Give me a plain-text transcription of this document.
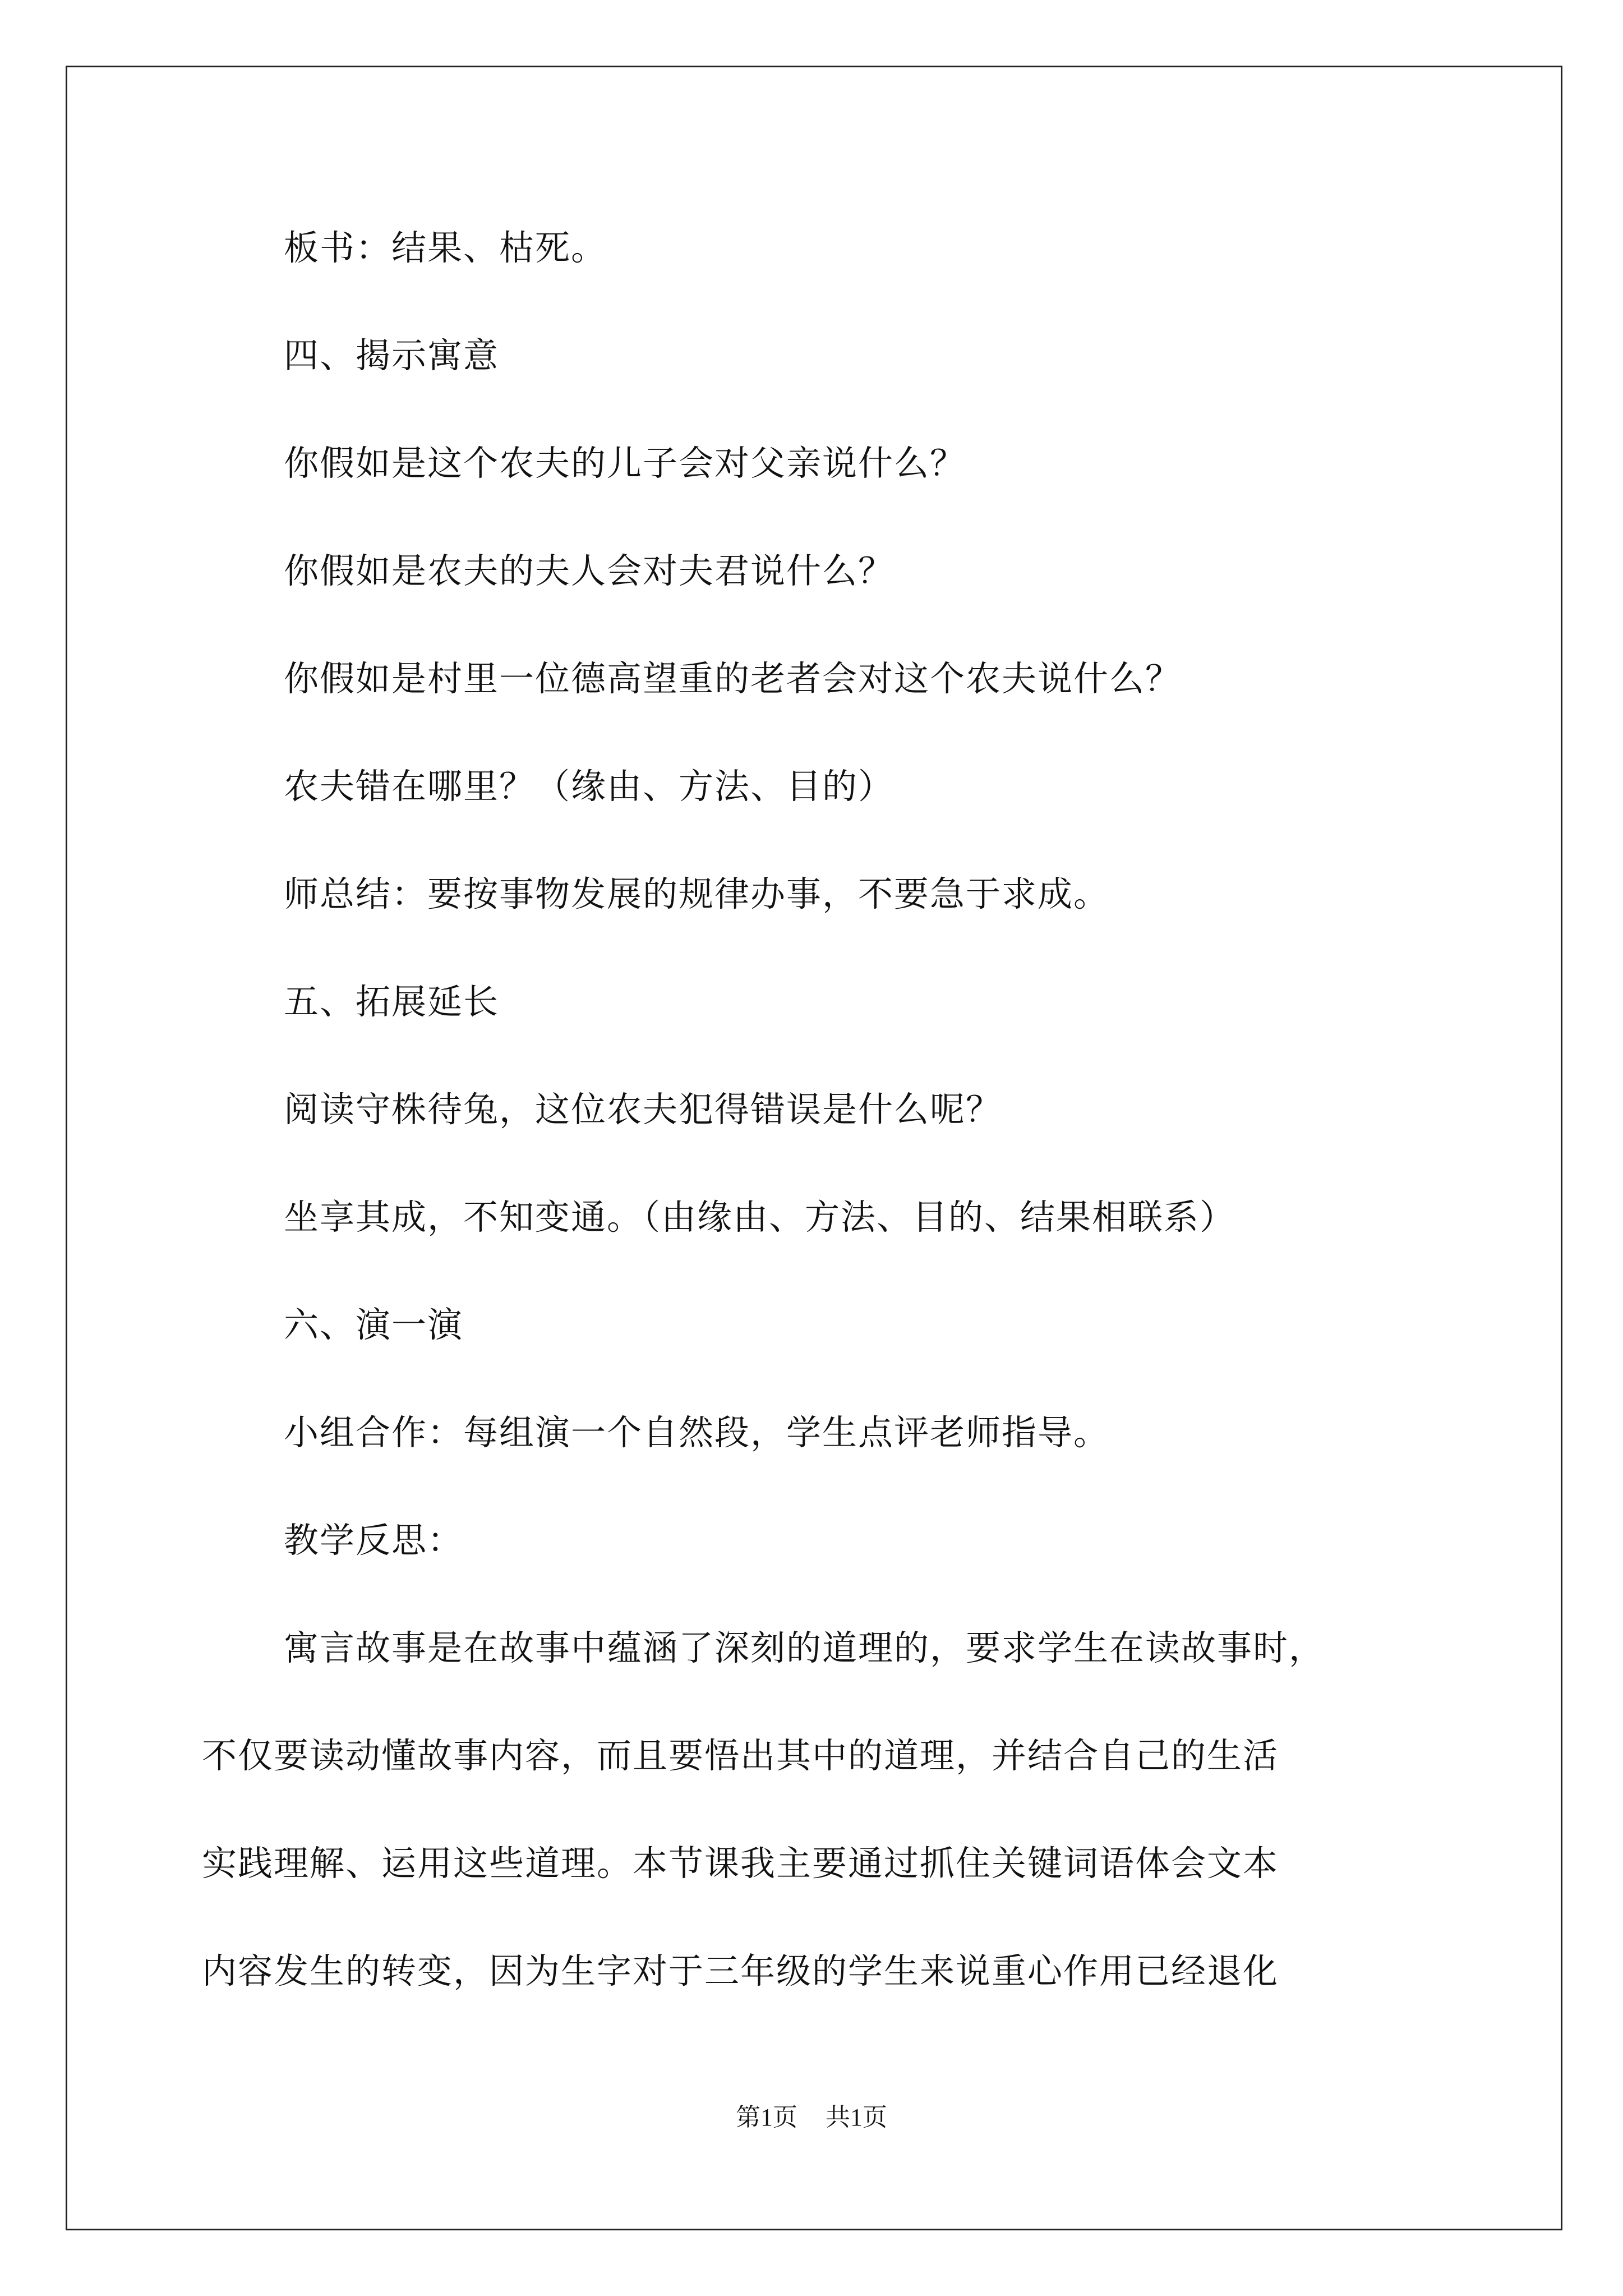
板书：结果、枯死。
四、揭示寓意
你假如是这个农夫的儿子会对父亲说什么？
你假如是农夫的夫人会对夫君说什么？
你假如是村里一位德高望重的老者会对这个农夫说什么？
农夫错在哪里？（缘由、方法、目的）
师总结：要按事物发展的规律办事，不要急于求成。
五、拓展延长
阅读守株待兔，这位农夫犯得错误是什么呢？
坐享其成，不知变通。（由缘由、方法、目的、结果相联系）
六、演一演
小组合作：每组演一个自然段，学生点评老师指导。
教学反思：
寓言故事是在故事中蕴涵了深刻的道理的，要求学生在读故事时，
不仅要读动懂故事内容，而且要悟出其中的道理，并结合自己的生活
实践理解、运用这些道理。本节课我主要通过抓住关键词语体会文本
内容发生的转变，因为生字对于三年级的学生来说重心作用已经退化
第1页 共1页
